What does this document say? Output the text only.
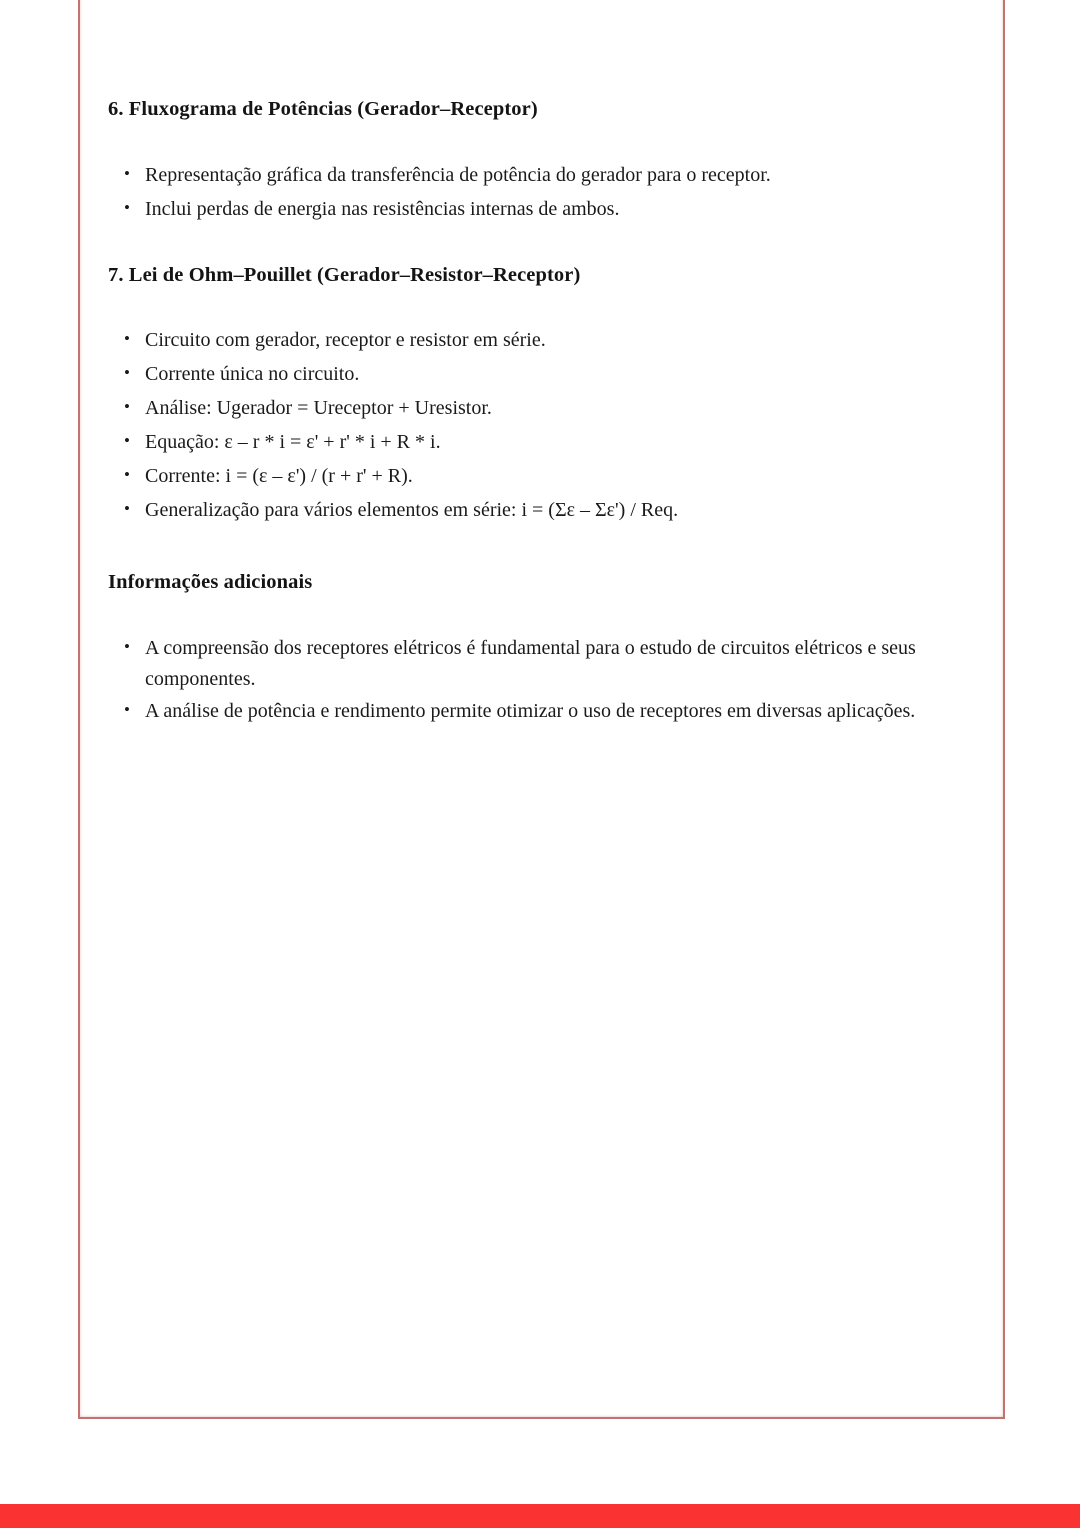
6. Fluxograma de Potências (Gerador–Receptor)
• Representação gráfica da transferência de potência do gerador para o receptor.
• Inclui perdas de energia nas resistências internas de ambos.
7. Lei de Ohm–Pouillet (Gerador–Resistor–Receptor)
• Circuito com gerador, receptor e resistor em série.
• Corrente única no circuito.
• Análise: Ugerador = Ureceptor + Uresistor.
• Equação: ε – r * i = ε' + r' * i + R * i.
• Corrente: i = (ε – ε') / (r + r' + R).
• Generalização para vários elementos em série: i = (Σε – Σε') / Req.
Informações adicionais
• A compreensão dos receptores elétricos é fundamental para o estudo de circuitos elétricos e seus componentes.
• A análise de potência e rendimento permite otimizar o uso de receptores em diversas aplicações.
